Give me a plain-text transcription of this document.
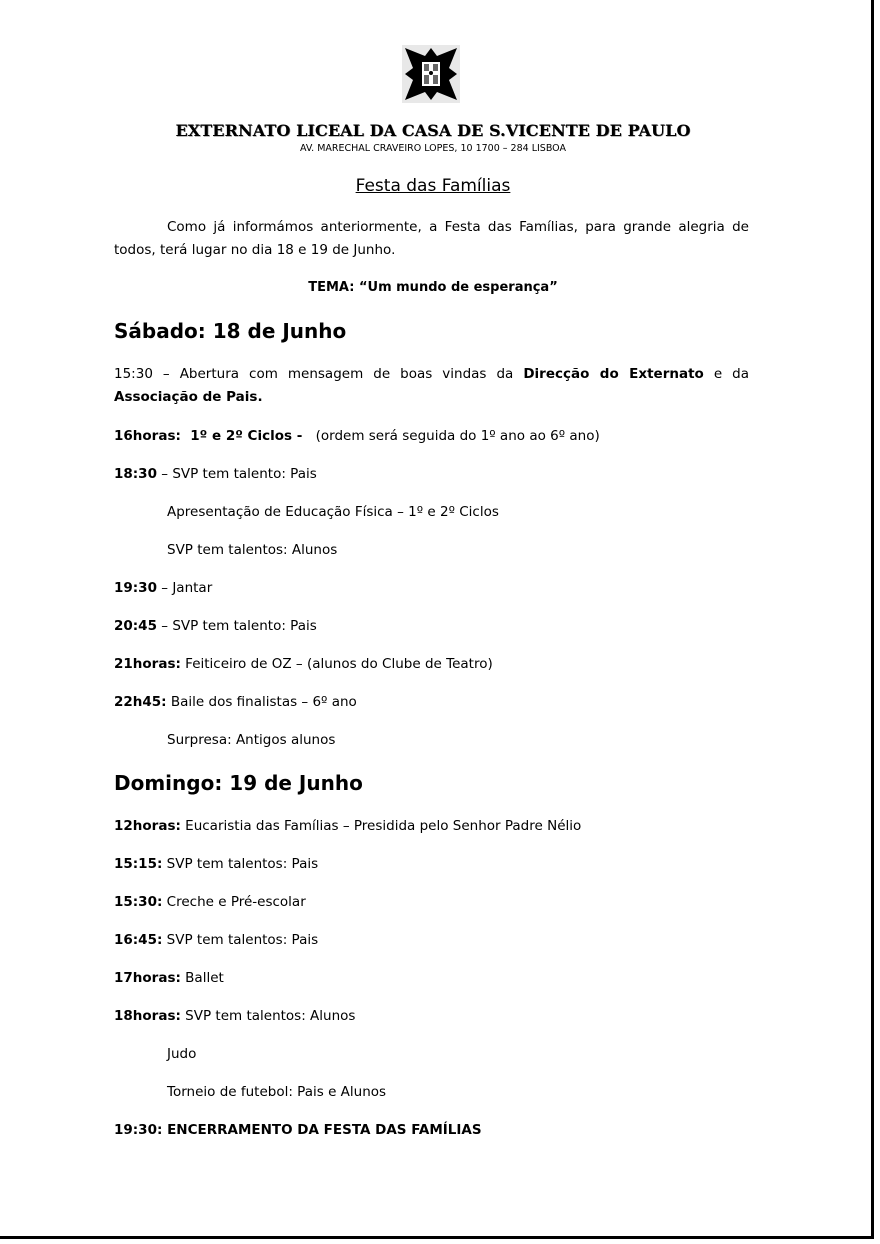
EXTERNATO LICEAL DA CASA DE S.VICENTE DE PAULO
AV. MARECHAL CRAVEIRO LOPES, 10 1700 – 284 LISBOA
Festa das Famílias

Como já informámos anteriormente, a Festa das Famílias, para grande alegria de todos, terá lugar no dia 18 e 19 de Junho.

TEMA: “Um mundo de esperança”
Sábado: 18 de Junho
15:30 – Abertura com mensagem de boas vindas da Direcção do Externato e da Associação de Pais.
16horas:  1º e 2º Ciclos -   (ordem será seguida do 1º ano ao 6º ano)
18:30 – SVP tem talento: Pais
Apresentação de Educação Física – 1º e 2º Ciclos
SVP tem talentos: Alunos
19:30 – Jantar
20:45 – SVP tem talento: Pais
21horas: Feiticeiro de OZ – (alunos do Clube de Teatro)
22h45: Baile dos finalistas – 6º ano
Surpresa: Antigos alunos
Domingo: 19 de Junho
12horas: Eucaristia das Famílias – Presidida pelo Senhor Padre Nélio
15:15: SVP tem talentos: Pais
15:30: Creche e Pré-escolar
16:45: SVP tem talentos: Pais
17horas: Ballet
18horas: SVP tem talentos: Alunos
Judo
Torneio de futebol: Pais e Alunos
19:30: ENCERRAMENTO DA FESTA DAS FAMÍLIAS
